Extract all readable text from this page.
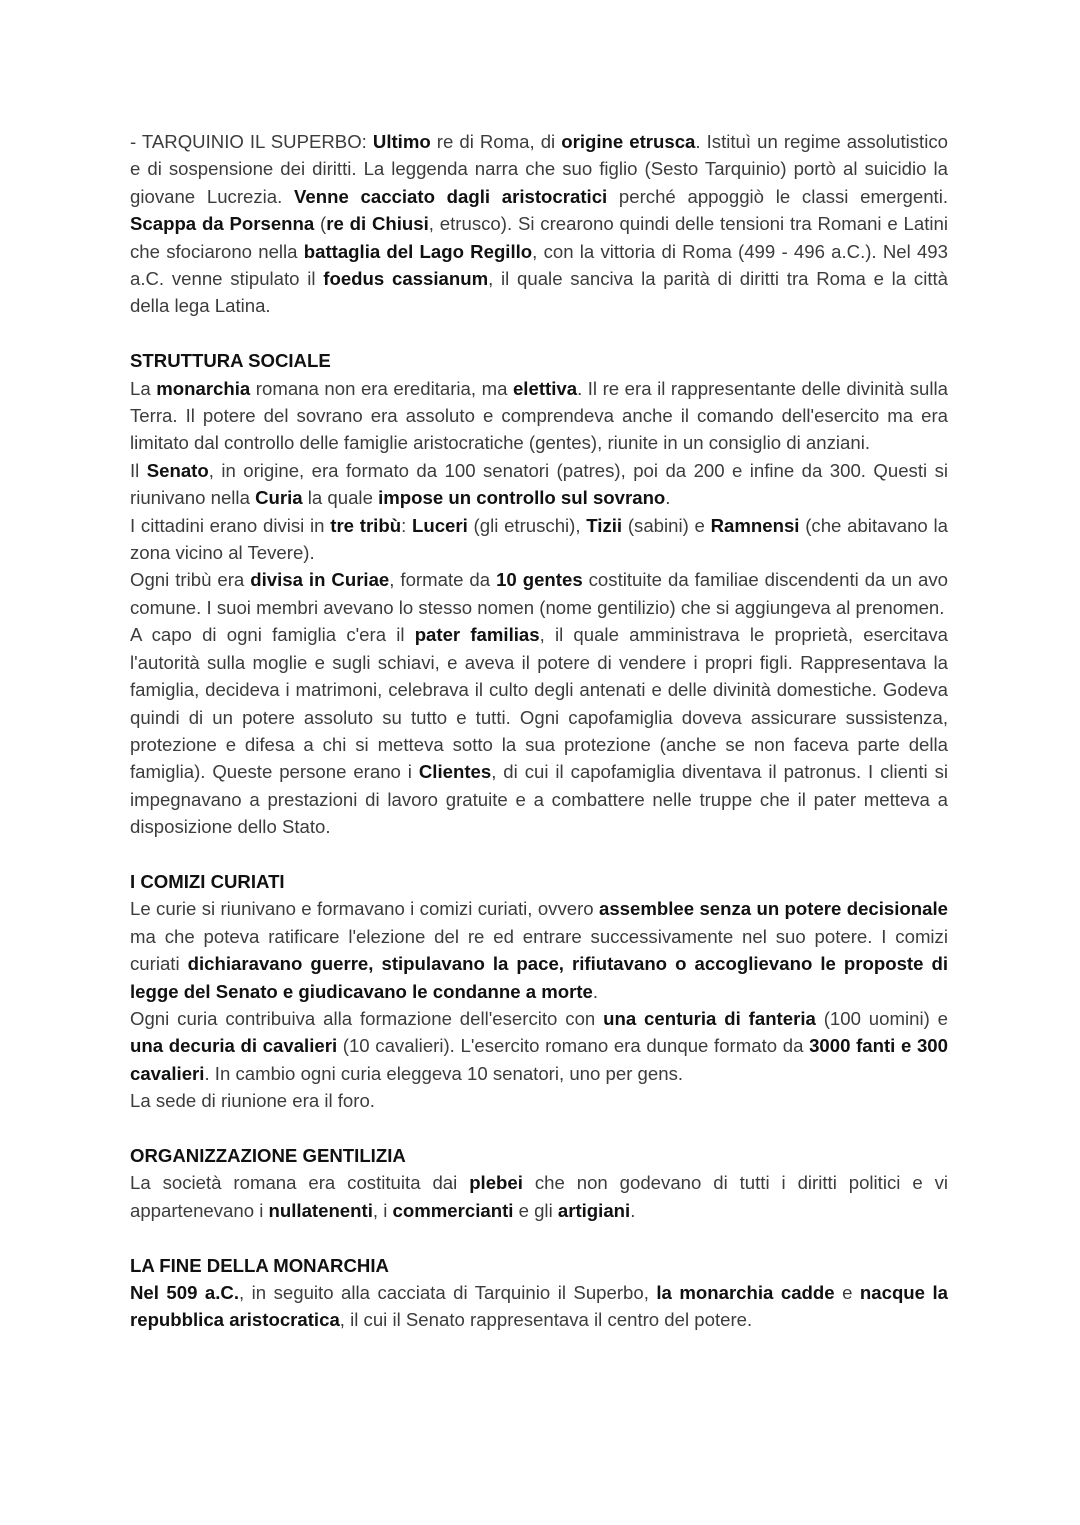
- TARQUINIO IL SUPERBO: Ultimo re di Roma, di origine etrusca. Istituì un regime assolutistico e di sospensione dei diritti. La leggenda narra che suo figlio (Sesto Tarquinio) portò al suicidio la giovane Lucrezia. Venne cacciato dagli aristocratici perché appoggiò le classi emergenti. Scappa da Porsenna (re di Chiusi, etrusco). Si crearono quindi delle tensioni tra Romani e Latini che sfociarono nella battaglia del Lago Regillo, con la vittoria di Roma (499 - 496 a.C.). Nel 493 a.C. venne stipulato il foedus cassianum, il quale sanciva la parità di diritti tra Roma e la città della lega Latina.

STRUTTURA SOCIALE

La monarchia romana non era ereditaria, ma elettiva. Il re era il rappresentante delle divinità sulla Terra. Il potere del sovrano era assoluto e comprendeva anche il comando dell'esercito ma era limitato dal controllo delle famiglie aristocratiche (gentes), riunite in un consiglio di anziani.

Il Senato, in origine, era formato da 100 senatori (patres), poi da 200 e infine da 300. Questi si riunivano nella Curia la quale impose un controllo sul sovrano.

I cittadini erano divisi in tre tribù: Luceri (gli etruschi), Tizii (sabini) e Ramnensi (che abitavano la zona vicino al Tevere).

Ogni tribù era divisa in Curiae, formate da 10 gentes costituite da familiae discendenti da un avo comune. I suoi membri avevano lo stesso nomen (nome gentilizio) che si aggiungeva al prenomen.

A capo di ogni famiglia c'era il pater familias, il quale amministrava le proprietà, esercitava l'autorità sulla moglie e sugli schiavi, e aveva il potere di vendere i propri figli. Rappresentava la famiglia, decideva i matrimoni, celebrava il culto degli antenati e delle divinità domestiche. Godeva quindi di un potere assoluto su tutto e tutti. Ogni capofamiglia doveva assicurare sussistenza, protezione e difesa a chi si metteva sotto la sua protezione (anche se non faceva parte della famiglia). Queste persone erano i Clientes, di cui il capofamiglia diventava il patronus. I clienti si impegnavano a prestazioni di lavoro gratuite e a combattere nelle truppe che il pater metteva a disposizione dello Stato.

I COMIZI CURIATI

Le curie si riunivano e formavano i comizi curiati, ovvero assemblee senza un potere decisionale ma che poteva ratificare l'elezione del re ed entrare successivamente nel suo potere. I comizi curiati dichiaravano guerre, stipulavano la pace, rifiutavano o accoglievano le proposte di legge del Senato e giudicavano le condanne a morte.

Ogni curia contribuiva alla formazione dell'esercito con una centuria di fanteria (100 uomini) e una decuria di cavalieri (10 cavalieri). L'esercito romano era dunque formato da 3000 fanti e 300 cavalieri. In cambio ogni curia eleggeva 10 senatori, uno per gens.

La sede di riunione era il foro.

ORGANIZZAZIONE GENTILIZIA

La società romana era costituita dai plebei che non godevano di tutti i diritti politici e vi appartenevano i nullatenenti, i commercianti e gli artigiani.

LA FINE DELLA MONARCHIA

Nel 509 a.C., in seguito alla cacciata di Tarquinio il Superbo, la monarchia cadde e nacque la repubblica aristocratica, il cui il Senato rappresentava il centro del potere.
